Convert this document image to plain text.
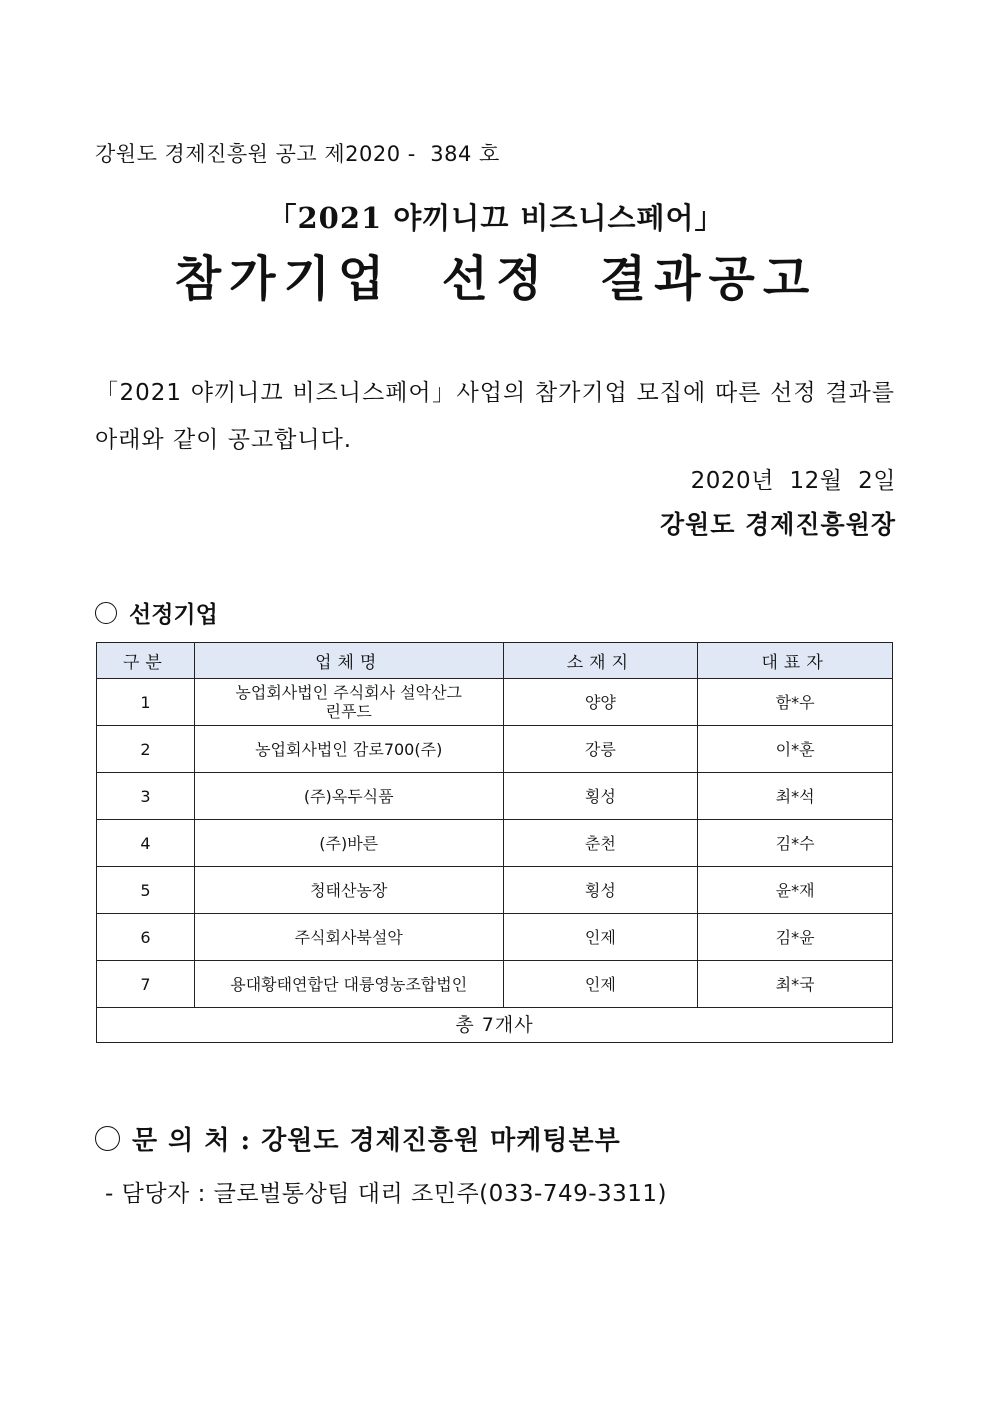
강원도 경제진흥원 공고 제2020 -  384 호
「2021 야끼니끄 비즈니스페어」
참가기업  선정  결과공고
「2021 야끼니끄 비즈니스페어」사업의 참가기업 모집에 따른 선정 결과를 아래와 같이 공고합니다.
2020년  12월  2일
강원도 경제진흥원장
선정기업
구분	업체명	소재지	대표자
1	농업회사법인 주식회사 설악산그린푸드	양양	함*우
2	농업회사법인 감로700(주)	강릉	이*훈
3	(주)옥두식품	횡성	최*석
4	(주)바른	춘천	김*수
5	청태산농장	횡성	윤*재
6	주식회사북설악	인제	김*윤
7	용대황태연합단 대륭영농조합법인	인제	최*국
총 7개사			
문 의 처 : 강원도 경제진흥원 마케팅본부
- 담당자 : 글로벌통상팀 대리 조민주(033-749-3311)
